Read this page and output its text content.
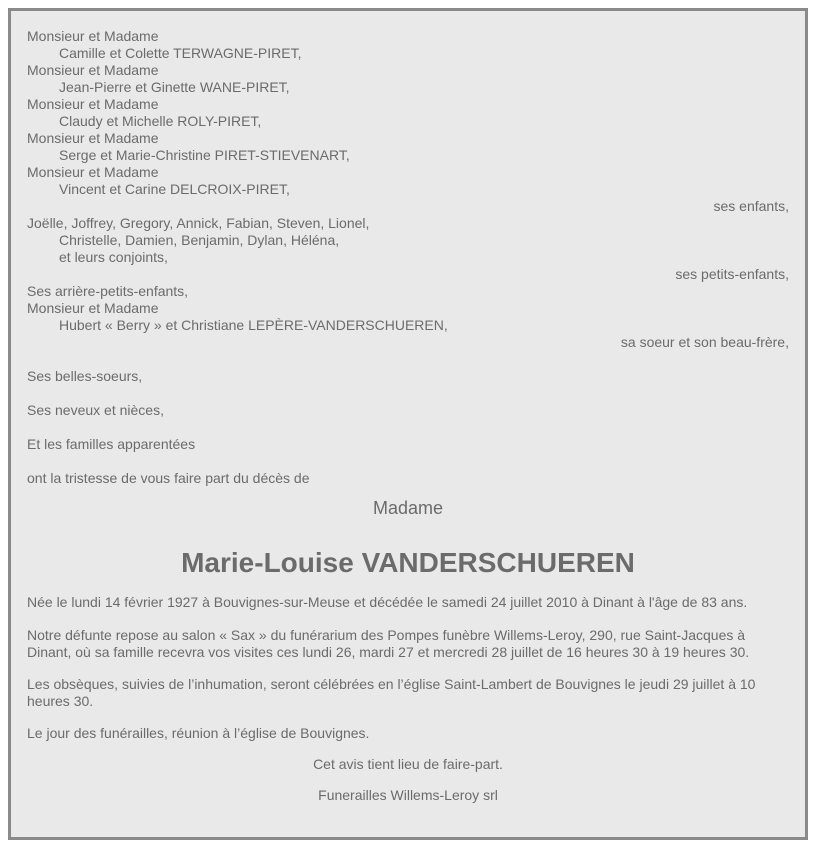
Monsieur et Madame
Camille et Colette TERWAGNE-PIRET,
Monsieur et Madame
Jean-Pierre et Ginette WANE-PIRET,
Monsieur et Madame
Claudy et Michelle ROLY-PIRET,
Monsieur et Madame
Serge et Marie-Christine PIRET-STIEVENART,
Monsieur et Madame
Vincent et Carine DELCROIX-PIRET,
ses enfants,
Joëlle, Joffrey, Gregory, Annick, Fabian, Steven, Lionel,
Christelle, Damien, Benjamin, Dylan, Héléna,
et leurs conjoints,
ses petits-enfants,
Ses arrière-petits-enfants,
Monsieur et Madame
Hubert « Berry » et Christiane LEPÈRE-VANDERSCHUEREN,
sa soeur et son beau-frère,
Ses belles-soeurs,
Ses neveux et nièces,
Et les familles apparentées
ont la tristesse de vous faire part du décès de
Madame
Marie-Louise VANDERSCHUEREN
Née le lundi 14 février 1927 à Bouvignes-sur-Meuse et décédée le samedi 24 juillet 2010 à Dinant à l'âge de 83 ans.
Notre défunte repose au salon « Sax » du funérarium des Pompes funèbre Willems-Leroy, 290, rue Saint-Jacques à Dinant, où sa famille recevra vos visites ces lundi 26, mardi 27 et mercredi 28 juillet de 16 heures 30 à 19 heures 30.
Les obsèques, suivies de l’inhumation, seront célébrées en l’église Saint-Lambert de Bouvignes le jeudi 29 juillet à 10 heures 30.
Le jour des funérailles, réunion à l’église de Bouvignes.
Cet avis tient lieu de faire-part.
Funerailles Willems-Leroy srl
